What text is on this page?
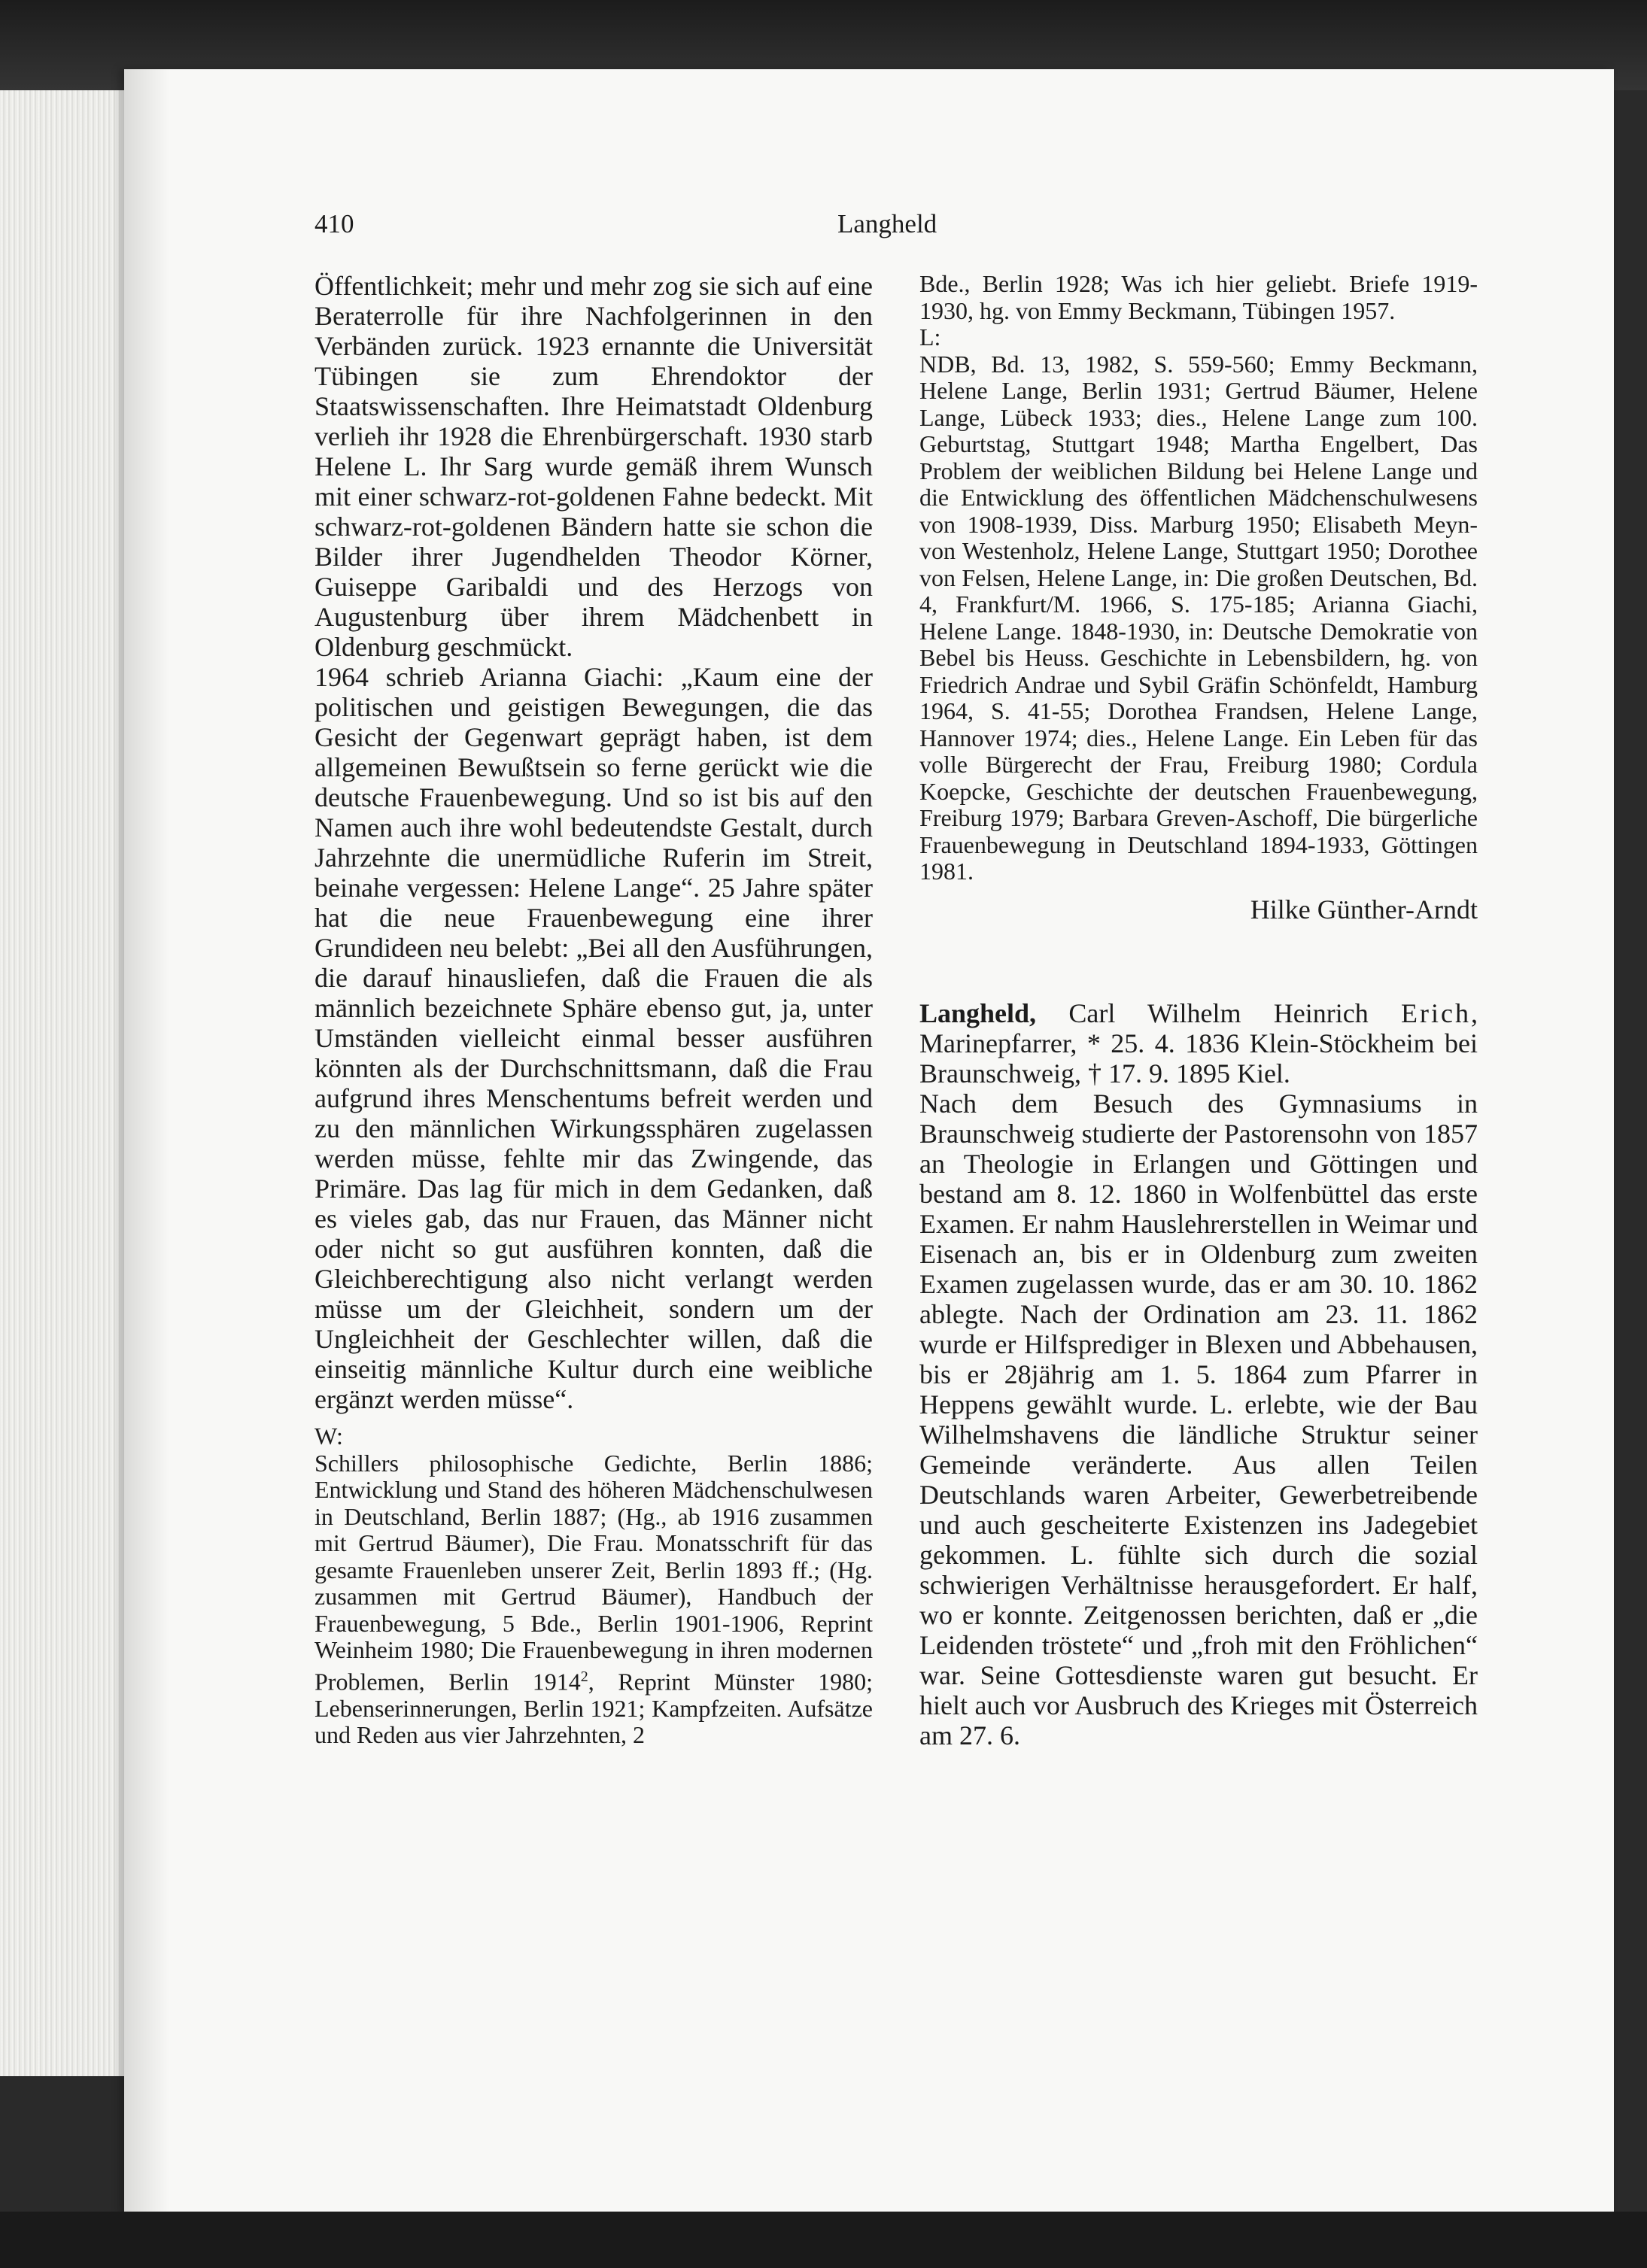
410	Langheld

Öffentlichkeit; mehr und mehr zog sie sich auf eine Beraterrolle für ihre Nachfolgerinnen in den Verbänden zurück. 1923 ernannte die Universität Tübingen sie zum Ehrendoktor der Staatswissenschaften. Ihre Heimatstadt Oldenburg verlieh ihr 1928 die Ehrenbürgerschaft. 1930 starb Helene L. Ihr Sarg wurde gemäß ihrem Wunsch mit einer schwarz-rot-goldenen Fahne bedeckt. Mit schwarz-rot-goldenen Bändern hatte sie schon die Bilder ihrer Jugendhelden Theodor Körner, Guiseppe Garibaldi und des Herzogs von Augustenburg über ihrem Mädchenbett in Oldenburg geschmückt.

1964 schrieb Arianna Giachi: „Kaum eine der politischen und geistigen Bewegungen, die das Gesicht der Gegenwart geprägt haben, ist dem allgemeinen Bewußtsein so ferne gerückt wie die deutsche Frauenbewegung. Und so ist bis auf den Namen auch ihre wohl bedeutendste Gestalt, durch Jahrzehnte die unermüdliche Ruferin im Streit, beinahe vergessen: Helene Lange“. 25 Jahre später hat die neue Frauenbewegung eine ihrer Grundideen neu belebt: „Bei all den Ausführungen, die darauf hinausliefen, daß die Frauen die als männlich bezeichnete Sphäre ebenso gut, ja, unter Umständen vielleicht einmal besser ausführen könnten als der Durchschnittsmann, daß die Frau aufgrund ihres Menschentums befreit werden und zu den männlichen Wirkungssphären zugelassen werden müsse, fehlte mir das Zwingende, das Primäre. Das lag für mich in dem Gedanken, daß es vieles gab, das nur Frauen, das Männer nicht oder nicht so gut ausführen konnten, daß die Gleichberechtigung also nicht verlangt werden müsse um der Gleichheit, sondern um der Ungleichheit der Geschlechter willen, daß die einseitig männliche Kultur durch eine weibliche ergänzt werden müsse“.

W:

Schillers philosophische Gedichte, Berlin 1886; Entwicklung und Stand des höheren Mädchenschulwesen in Deutschland, Berlin 1887; (Hg., ab 1916 zusammen mit Gertrud Bäumer), Die Frau. Monatsschrift für das gesamte Frauenleben unserer Zeit, Berlin 1893 ff.; (Hg. zusammen mit Gertrud Bäumer), Handbuch der Frauenbewegung, 5 Bde., Berlin 1901-1906, Reprint Weinheim 1980; Die Frauenbewegung in ihren modernen Problemen, Berlin 1914$^2$, Reprint Münster 1980; Lebenserinnerungen, Berlin 1921; Kampfzeiten. Aufsätze und Reden aus vier Jahrzehnten, 2

Bde., Berlin 1928; Was ich hier geliebt. Briefe 1919-1930, hg. von Emmy Beckmann, Tübingen 1957.

L:

NDB, Bd. 13, 1982, S. 559-560; Emmy Beckmann, Helene Lange, Berlin 1931; Gertrud Bäumer, Helene Lange, Lübeck 1933; dies., Helene Lange zum 100. Geburtstag, Stuttgart 1948; Martha Engelbert, Das Problem der weiblichen Bildung bei Helene Lange und die Entwicklung des öffentlichen Mädchenschulwesens von 1908-1939, Diss. Marburg 1950; Elisabeth Meyn-von Westenholz, Helene Lange, Stuttgart 1950; Dorothee von Felsen, Helene Lange, in: Die großen Deutschen, Bd. 4, Frankfurt/M. 1966, S. 175-185; Arianna Giachi, Helene Lange. 1848-1930, in: Deutsche Demokratie von Bebel bis Heuss. Geschichte in Lebensbildern, hg. von Friedrich Andrae und Sybil Gräfin Schönfeldt, Hamburg 1964, S. 41-55; Dorothea Frandsen, Helene Lange, Hannover 1974; dies., Helene Lange. Ein Leben für das volle Bürgerecht der Frau, Freiburg 1980; Cordula Koepcke, Geschichte der deutschen Frauenbewegung, Freiburg 1979; Barbara Greven-Aschoff, Die bürgerliche Frauenbewegung in Deutschland 1894-1933, Göttingen 1981.

Hilke Günther-Arndt

Langheld, Carl Wilhelm Heinrich Erich, Marinepfarrer, * 25. 4. 1836 Klein-Stöckheim bei Braunschweig, † 17. 9. 1895 Kiel.

Nach dem Besuch des Gymnasiums in Braunschweig studierte der Pastorensohn von 1857 an Theologie in Erlangen und Göttingen und bestand am 8. 12. 1860 in Wolfenbüttel das erste Examen. Er nahm Hauslehrerstellen in Weimar und Eisenach an, bis er in Oldenburg zum zweiten Examen zugelassen wurde, das er am 30. 10. 1862 ablegte. Nach der Ordination am 23. 11. 1862 wurde er Hilfsprediger in Blexen und Abbehausen, bis er 28jährig am 1. 5. 1864 zum Pfarrer in Heppens gewählt wurde. L. erlebte, wie der Bau Wilhelmshavens die ländliche Struktur seiner Gemeinde veränderte. Aus allen Teilen Deutschlands waren Arbeiter, Gewerbetreibende und auch gescheiterte Existenzen ins Jadegebiet gekommen. L. fühlte sich durch die sozial schwierigen Verhältnisse herausgefordert. Er half, wo er konnte. Zeitgenossen berichten, daß er „die Leidenden tröstete“ und „froh mit den Fröhlichen“ war. Seine Gottesdienste waren gut besucht. Er hielt auch vor Ausbruch des Krieges mit Österreich am 27. 6.
